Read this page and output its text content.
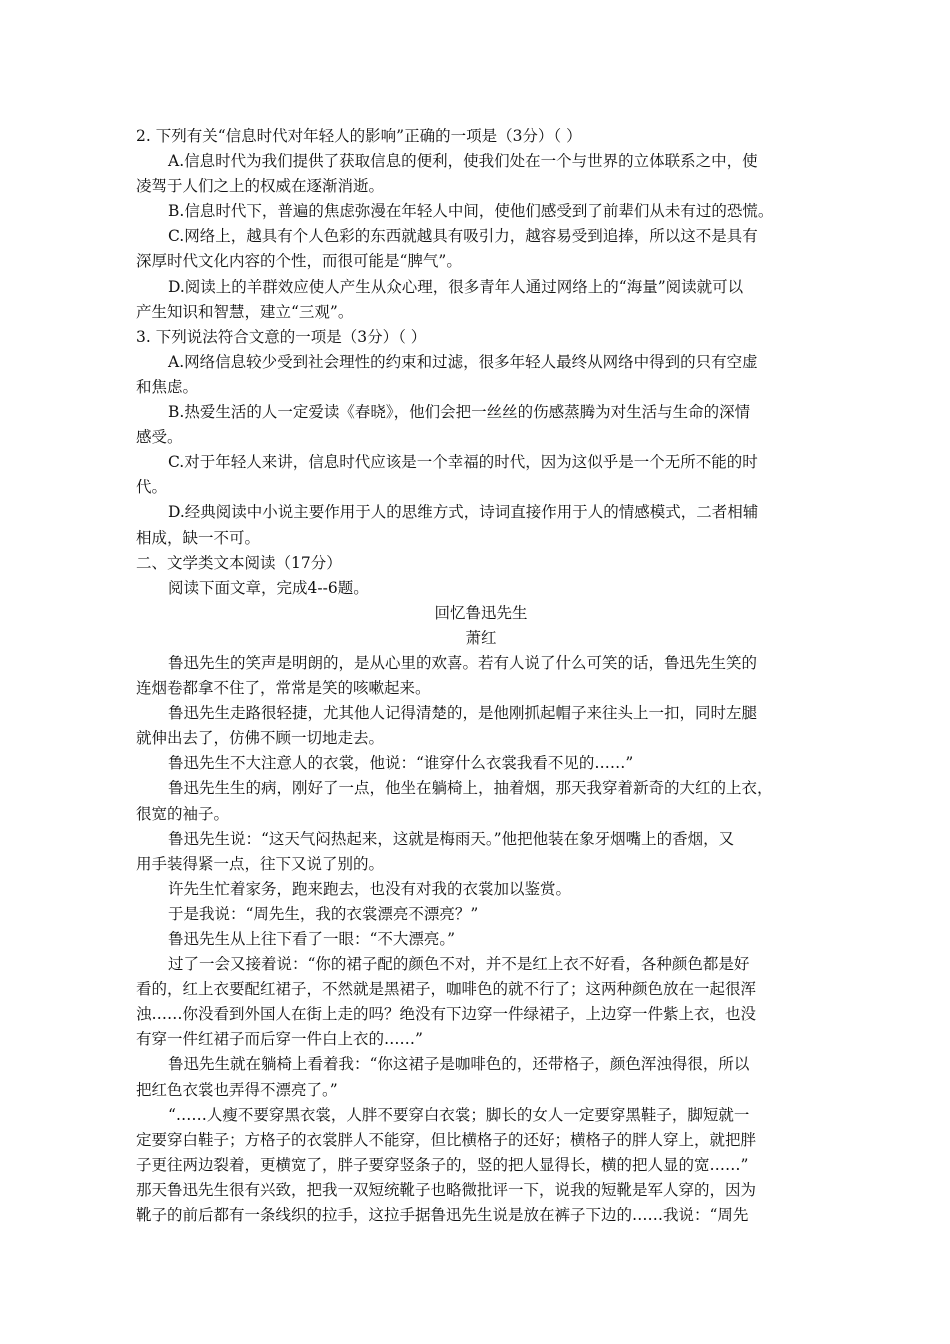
2. 下列有关“信息时代对年轻人的影响”正确的一项是（3分）（ ）
A.信息时代为我们提供了获取信息的便利，使我们处在一个与世界的立体联系之中，使
凌驾于人们之上的权威在逐渐消逝。
B.信息时代下，普遍的焦虑弥漫在年轻人中间，使他们感受到了前辈们从未有过的恐慌。
C.网络上，越具有个人色彩的东西就越具有吸引力，越容易受到追捧，所以这不是具有
深厚时代文化内容的个性，而很可能是“脾气”。
D.阅读上的羊群效应使人产生从众心理，很多青年人通过网络上的“海量”阅读就可以
产生知识和智慧，建立“三观”。
3. 下列说法符合文意的一项是（3分）（ ）
A.网络信息较少受到社会理性的约束和过滤，很多年轻人最终从网络中得到的只有空虚
和焦虑。
B.热爱生活的人一定爱读《春晓》，他们会把一丝丝的伤感蒸腾为对生活与生命的深情
感受。
C.对于年轻人来讲，信息时代应该是一个幸福的时代，因为这似乎是一个无所不能的时
代。
D.经典阅读中小说主要作用于人的思维方式，诗词直接作用于人的情感模式，二者相辅
相成，缺一不可。
二、文学类文本阅读（17分）
阅读下面文章，完成4--6题。
回忆鲁迅先生
萧红
鲁迅先生的笑声是明朗的，是从心里的欢喜。若有人说了什么可笑的话，鲁迅先生笑的
连烟卷都拿不住了，常常是笑的咳嗽起来。
鲁迅先生走路很轻捷，尤其他人记得清楚的，是他刚抓起帽子来往头上一扣，同时左腿
就伸出去了，仿佛不顾一切地走去。
鲁迅先生不大注意人的衣裳，他说：“谁穿什么衣裳我看不见的……”
鲁迅先生生的病，刚好了一点，他坐在躺椅上，抽着烟，那天我穿着新奇的大红的上衣，
很宽的袖子。
鲁迅先生说：“这天气闷热起来，这就是梅雨天。”他把他装在象牙烟嘴上的香烟，又
用手装得紧一点，往下又说了别的。
许先生忙着家务，跑来跑去，也没有对我的衣裳加以鉴赏。
于是我说：“周先生，我的衣裳漂亮不漂亮？”
鲁迅先生从上往下看了一眼：“不大漂亮。”
过了一会又接着说：“你的裙子配的颜色不对，并不是红上衣不好看，各种颜色都是好
看的，红上衣要配红裙子，不然就是黑裙子，咖啡色的就不行了；这两种颜色放在一起很浑
浊……你没看到外国人在街上走的吗？绝没有下边穿一件绿裙子，上边穿一件紫上衣，也没
有穿一件红裙子而后穿一件白上衣的……”
鲁迅先生就在躺椅上看着我：“你这裙子是咖啡色的，还带格子，颜色浑浊得很，所以
把红色衣裳也弄得不漂亮了。”
“……人瘦不要穿黑衣裳，人胖不要穿白衣裳；脚长的女人一定要穿黑鞋子，脚短就一
定要穿白鞋子；方格子的衣裳胖人不能穿，但比横格子的还好；横格子的胖人穿上，就把胖
子更往两边裂着，更横宽了，胖子要穿竖条子的，竖的把人显得长，横的把人显的宽……”
那天鲁迅先生很有兴致，把我一双短统靴子也略微批评一下，说我的短靴是军人穿的，因为
靴子的前后都有一条线织的拉手，这拉手据鲁迅先生说是放在裤子下边的……我说：“周先
